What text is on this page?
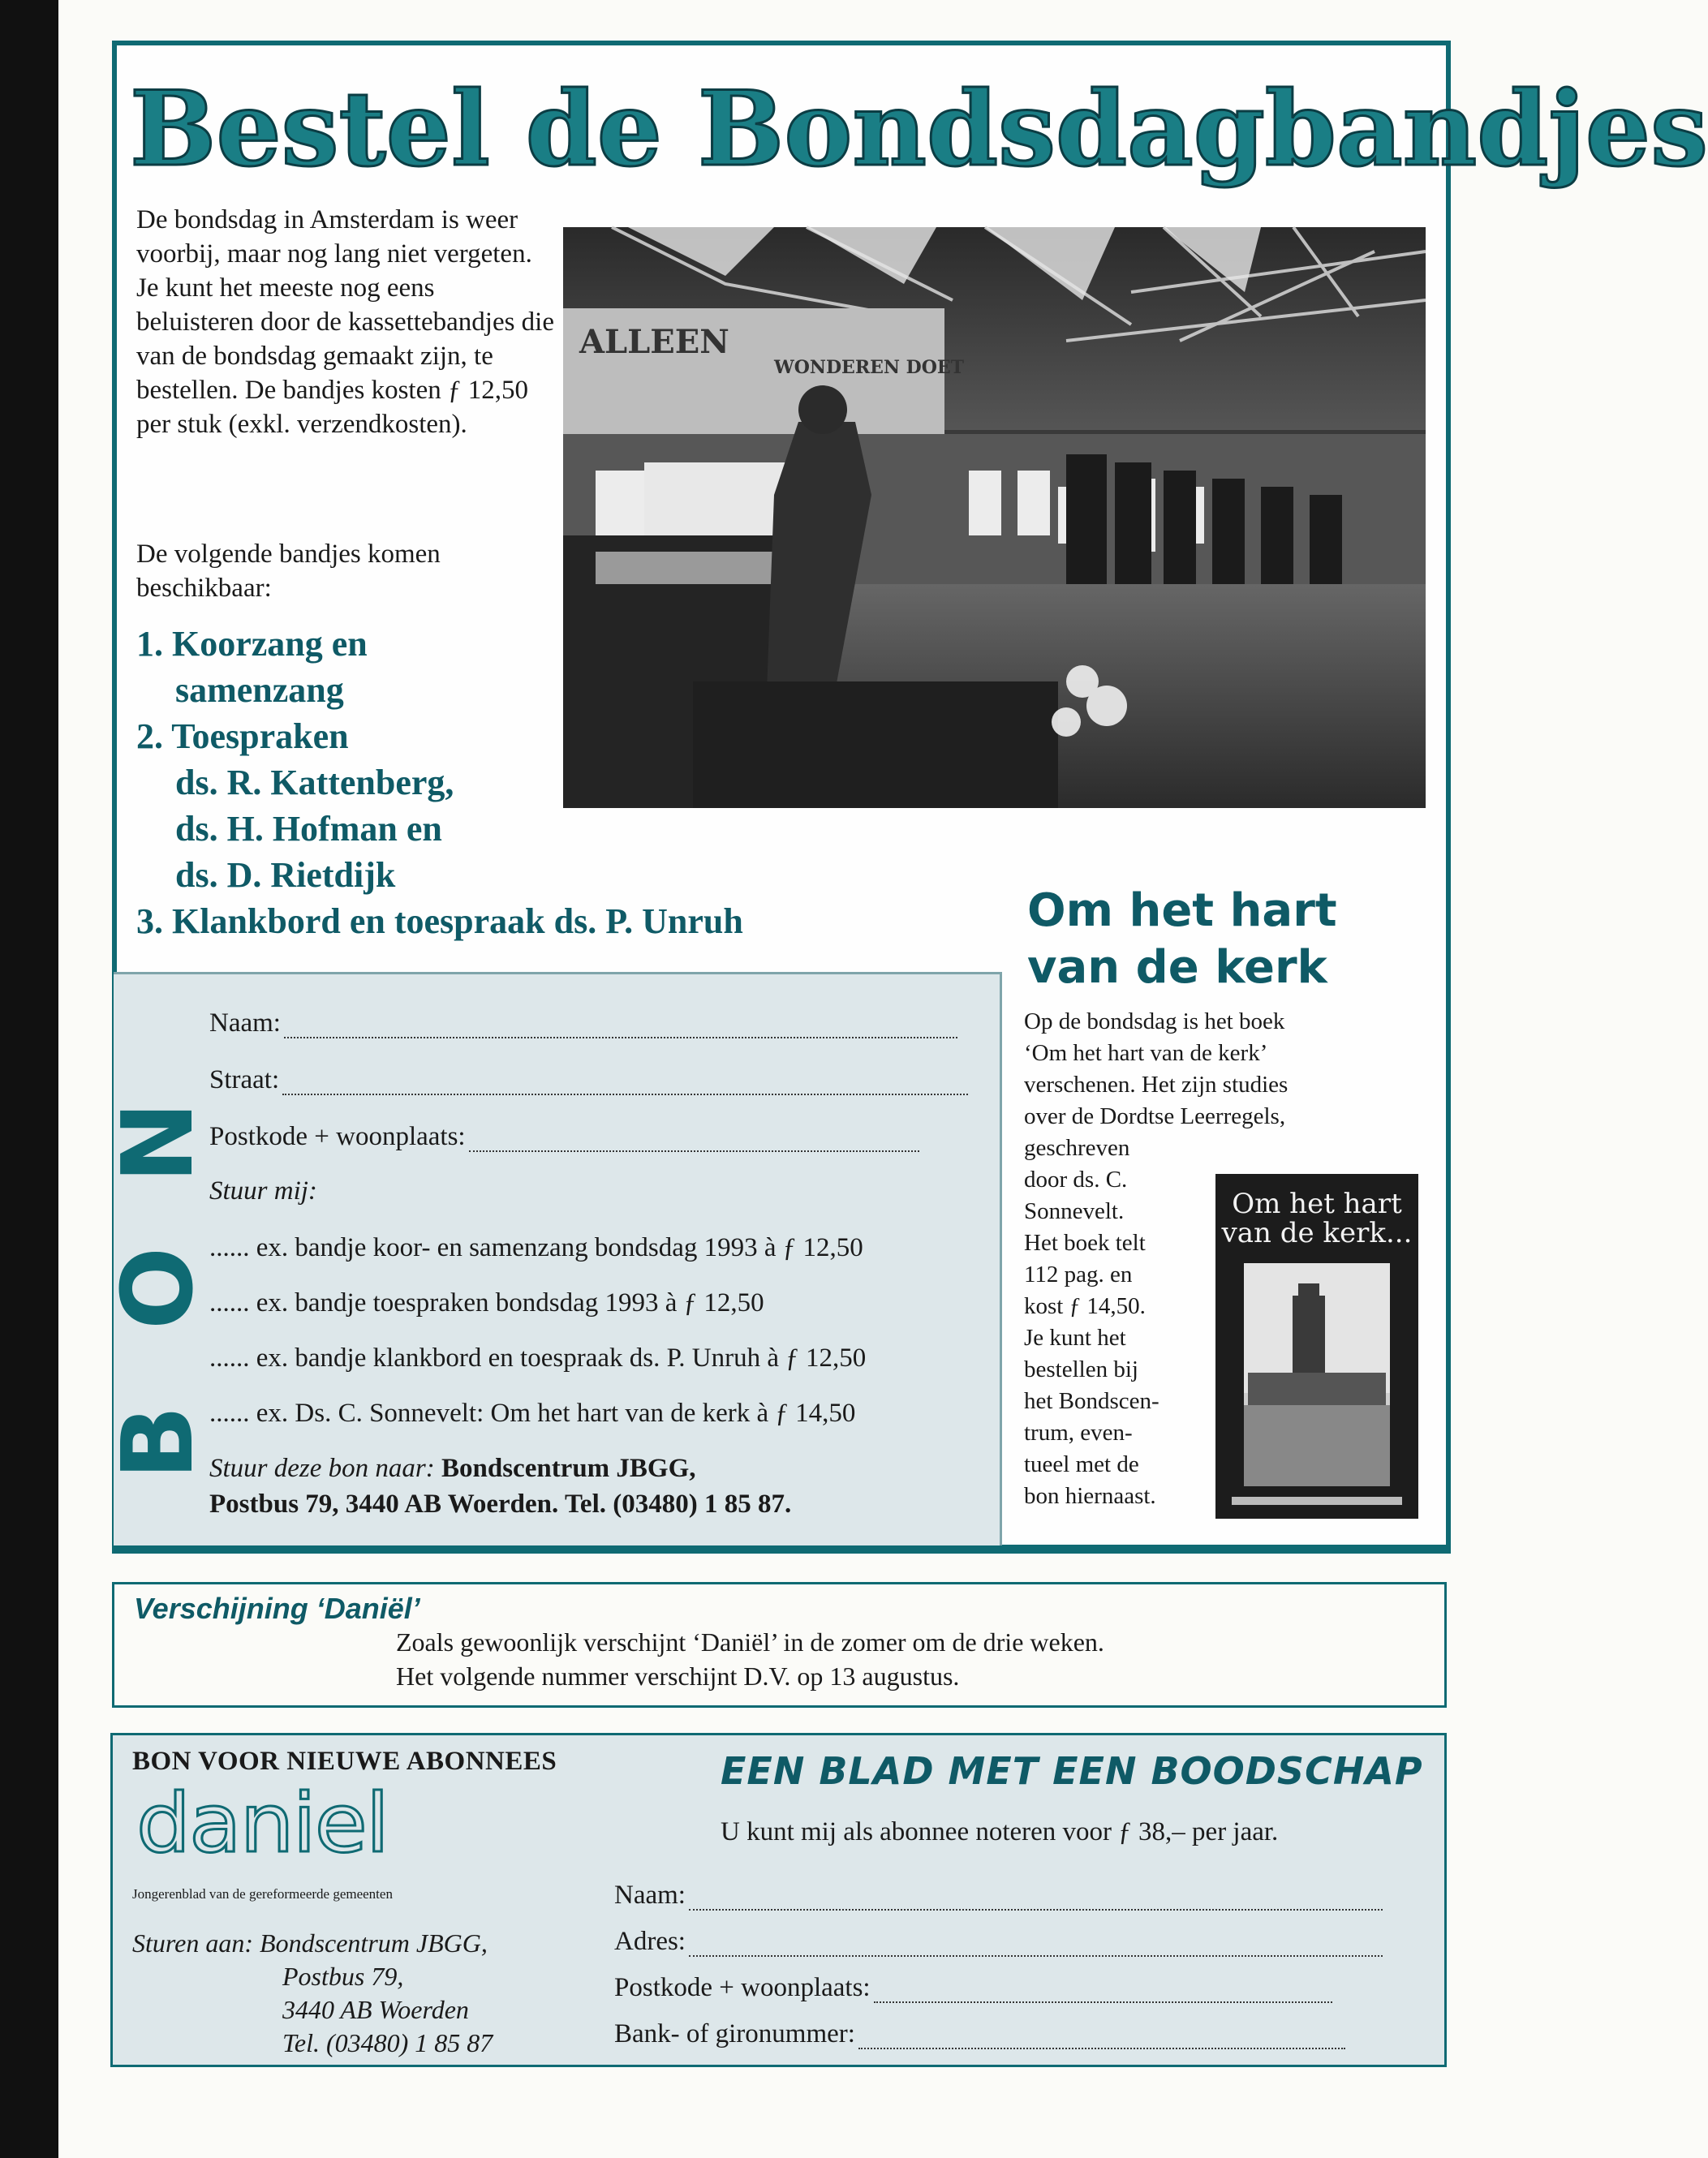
Bestel de Bondsdagbandjes
De bondsdag in Amsterdam is weer voorbij, maar nog lang niet vergeten. Je kunt het meeste nog eens beluisteren door de kassettebandjes die van de bondsdag gemaakt zijn, te bestellen. De bandjes kosten ƒ 12,50 per stuk (exkl. verzendkosten).
De volgende bandjes komen beschikbaar:
1. Koorzang en
samenzang
2. Toespraken
ds. R. Kattenberg,
ds. H. Hofman en
ds. D. Rietdijk
3. Klankbord en toespraak ds. P. Unruh
ALLEEN
WONDEREN DOET
N
O
B
Naam:
Straat:
Postkode + woonplaats:
Stuur mij:
...... ex. bandje koor- en samenzang bondsdag 1993 à ƒ 12,50
...... ex. bandje toespraken bondsdag 1993 à ƒ 12,50
...... ex. bandje klankbord en toespraak ds. P. Unruh à ƒ 12,50
...... ex. Ds. C. Sonnevelt: Om het hart van de kerk à ƒ 14,50
Stuur deze bon naar: Bondscentrum JBGG,
Postbus 79, 3440 AB Woerden. Tel. (03480) 1 85 87.
Om het hart
van de kerk
Op de bondsdag is het boek
‘Om het hart van de kerk’
verschenen. Het zijn studies
over de Dordtse Leerregels,
geschreven
door ds. C.
Sonnevelt.
Het boek telt
112 pag. en
kost ƒ 14,50.
Je kunt het
bestellen bij
het Bondscen-
trum, even-
tueel met de
bon hiernaast.
Om het hart
van de kerk...
Verschijning ‘Daniël’
Zoals gewoonlijk verschijnt ‘Daniël’ in de zomer om de drie weken.
Het volgende nummer verschijnt D.V. op 13 augustus.
BON VOOR NIEUWE ABONNEES
daniel
Jongerenblad van de gereformeerde gemeenten
Sturen aan: Bondscentrum JBGG,
Postbus 79,
3440 AB Woerden
Tel. (03480) 1 85 87
EEN BLAD MET EEN BOODSCHAP
U kunt mij als abonnee noteren voor ƒ 38,– per jaar.
Naam:
Adres:
Postkode + woonplaats:
Bank- of gironummer:
